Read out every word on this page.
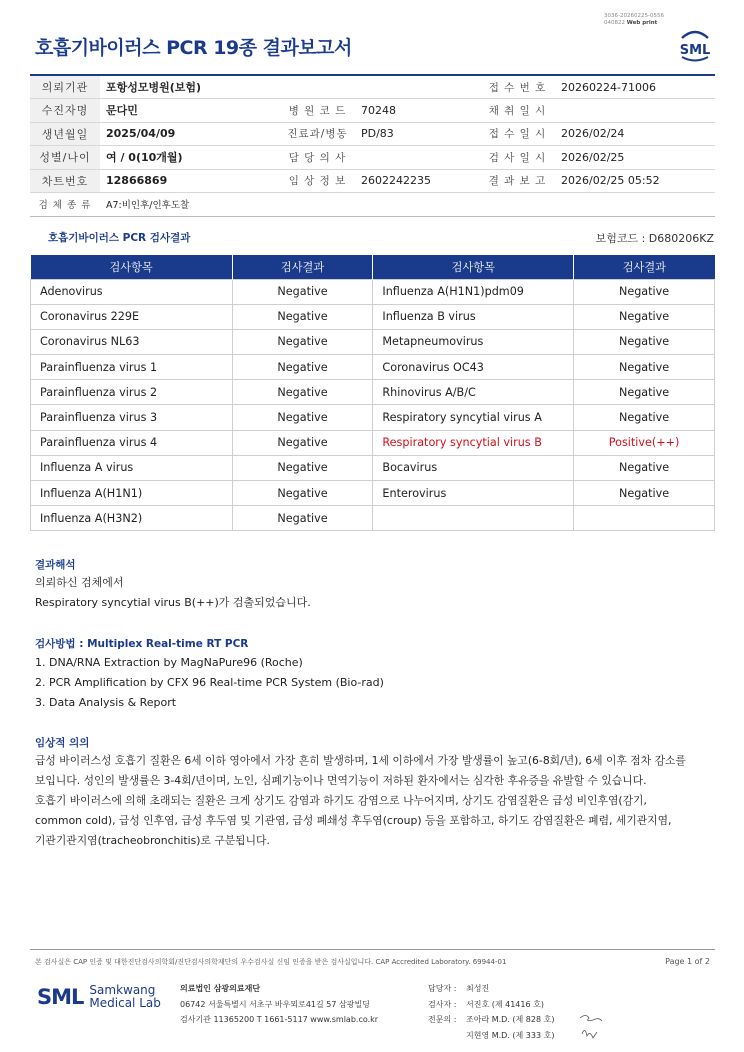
3036-20260225-0556
040822 Web print
호흡기바이러스 PCR 19종 결과보고서	SML
의뢰기관	포항성모병원(보험)			접 수 번 호	20260224-71006
수진자명	문다민	병 원 코 드	70248	채 취 일 시	
생년월일	2025/04/09	진료과/병동	PD/83	접 수 일 시	2026/02/24
성별/나이	여 / 0(10개월)	담 당 의 사		검 사 일 시	2026/02/25
차트번호	12866869	임 상 정 보	2602242235	결 과 보 고	2026/02/25 05:52
검 체 종 류	A7:비인후/인후도찰				
호흡기바이러스 PCR 검사결과	보험코드 : D680206KZ
검사항목	검사결과	검사항목	검사결과
Adenovirus	Negative	Influenza A(H1N1)pdm09	Negative
Coronavirus 229E	Negative	Influenza B virus	Negative
Coronavirus NL63	Negative	Metapneumovirus	Negative
Parainfluenza virus 1	Negative	Coronavirus OC43	Negative
Parainfluenza virus 2	Negative	Rhinovirus A/B/C	Negative
Parainfluenza virus 3	Negative	Respiratory syncytial virus A	Negative
Parainfluenza virus 4	Negative	Respiratory syncytial virus B	Positive(++)
Influenza A virus	Negative	Bocavirus	Negative
Influenza A(H1N1)	Negative	Enterovirus	Negative
Influenza A(H3N2)	Negative		
결과해석
의뢰하신 검체에서
Respiratory syncytial virus B(++)가 검출되었습니다.
검사방법 : Multiplex Real-time RT PCR
1. DNA/RNA Extraction by MagNaPure96 (Roche)
2. PCR Amplification by CFX 96 Real-time PCR System (Bio-rad)
3. Data Analysis & Report
임상적 의의
급성 바이러스성 호흡기 질환은 6세 이하 영아에서 가장 흔히 발생하며, 1세 이하에서 가장 발생률이 높고(6-8회/년), 6세 이후 점차 감소를
보입니다. 성인의 발생률은 3-4회/년이며, 노인, 심폐기능이나 면역기능이 저하된 환자에서는 심각한 후유증을 유발할 수 있습니다.
호흡기 바이러스에 의해 초래되는 질환은 크게 상기도 감염과 하기도 감염으로 나누어지며, 상기도 감염질환은 급성 비인후염(감기,
common cold), 급성 인후염, 급성 후두염 및 기관염, 급성 폐쇄성 후두염(croup) 등을 포함하고, 하기도 감염질환은 폐렴, 세기관지염,
기관기관지염(tracheobronchitis)로 구분됩니다.
본 검사실은 CAP 인증 및 대한진단검사의학회/진단검사의학재단의 우수검사실 신임 인증을 받은 검사실입니다. CAP Accredited Laboratory. 69944-01	Page 1 of 2
SML Samkwang
Medical Lab
의료법인 삼광의료재단
06742 서울특별시 서초구 바우뫼로41길 57 삼광빌딩
검사기관 11365200 T 1661-5117 www.smlab.co.kr
담당자 :	최성진
검사자 :	서진호 (제 41416 호)
전문의 :	조아라 M.D. (제 828 호)
지현영 M.D. (제 333 호)
